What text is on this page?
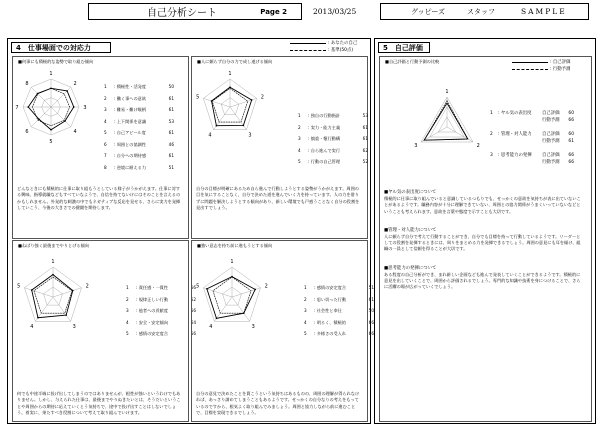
自己分析シート	Page 2	2013/03/25	グッピーズ	スタッフ	SAMPLE
4　仕事場面での対応力	: あなたの自己
: 基準(50点)
■何事にも積極的な姿勢で取り組む傾向
1
2
3
4
5
6
7
8	1	: 積極性・活発度	50
2	: 働く事への意欲	61
3	: 難易・難け喉柄	61
4	: 上下関係を意識	53
5	: 自己アピール度	61
6	: 周囲との協調性	46
7	: 自分への期待感	61
8	: 逆境に耐える力	51
どんなときにも積極的に仕事に取り組もうとしている様子がうかがえます。仕事に対する興味、指導就職などもすべていなようで、自信を持てないけにはそのことを言えるのかもしれません。外発的な刺激の中でもネガティブな反応を見せる、さらに実力を発揮していこう、今後の大きさでの健闘を期待します。
■人に頼らず自分の力で成し遂げる傾向
1
2
3
4
5
1	: 独自の行動指針	53
2	: 実力・能力主義	61
3	: 慎重・懐行動構	61
4	: 自ら進んで実行	62
5	: 行動の自己管理	52
自分の目標が明確にあるため自ら進んで行動しようとする姿勢がうかがえます。周囲の目を気にすることなく、自分で決めた道を進んでいく力を持っています。人の力を借りずに問題を解決しようとする傾向があり、新しい環境でも戸惑うことなく自分の役割を見出すでしょう。
■ねばり強く最後までやりとげる傾向
1
2
3
4
5	1	: 責任感・一貫性	56
2	: 規律正しい行動	52
3	: 他者への貢献度	56
4	: 安全・安定傾向	64
5	: 感情の安定度合	56
何でも中途半端に投げ出してしまうのではありませんが、根性が強いというわけでもありません。しかし、与えられた仕事は、最後までやりぬきたいとは、そうだいということや周囲からの期待に応えていくとう気持ちで、途中で投げ出すことはしないでしょう。着実に、果たすべき役割について考えて取り組んでいけます。
■強い意志を持ち前に進もうとする傾向
1
2
3
4
5	1	: 感情の安定度合	51
2	: 思い切った行動	61
3	: 社会性と奉仕	50
4	: 明るく、積極的	66
5	: 多様さの受入れ	66
自分の意見で決めたことを貫こうという気持ちはあるものの、周囲の理解が得られなければ、あっさり諦めてしまうこともあるようです。せっかくの自分なりの考えをもっているのですから、根気よく取り組んでみましょう。周囲と協力しながら前に進むことで、目標を実現できるでしょう。
5　自己評価
■自己評価と行動予測の比較	: 自己評価
: 行動予測
1
2
3
1	: ヤル気の表出度	自己評価	60
行動予測	66
2	: 管理・対人能力	自己評価	60
行動予測	61
3	: 思考能力の発揮	自己評価	66
行動予測	66
■ヤル気の表出度について
積極的に仕事に取り組んでいると意識しているつもりでも、せっかくの意欲を気持ちが表に出ていないことがあるようです。職務内容が十分に理解できていない、周囲との協力関係がうまくいっていないなどということも考えられます。意欲を言葉や態度で示すことも大切です。
■管理・対人能力について
人に頼らず自分で考えて行動することができ、自分でも目標を持って行動しているようです。リーダーとしての役割を発揮するときには、周りをまとめる力を発揮できるでしょう。周囲の意見にも耳を傾け、組織の一員として信頼を得ることが大切です。
■思考能力の発揮について
ある程度の自己分析ができ、まれ新しい企画なども進んで発表していくことができるようです。積極的に意見を出していくことで、周囲から評価されるでしょう。専門的な知識や技術を身につけることで、さらに活躍の場が広がっていくでしょう。
